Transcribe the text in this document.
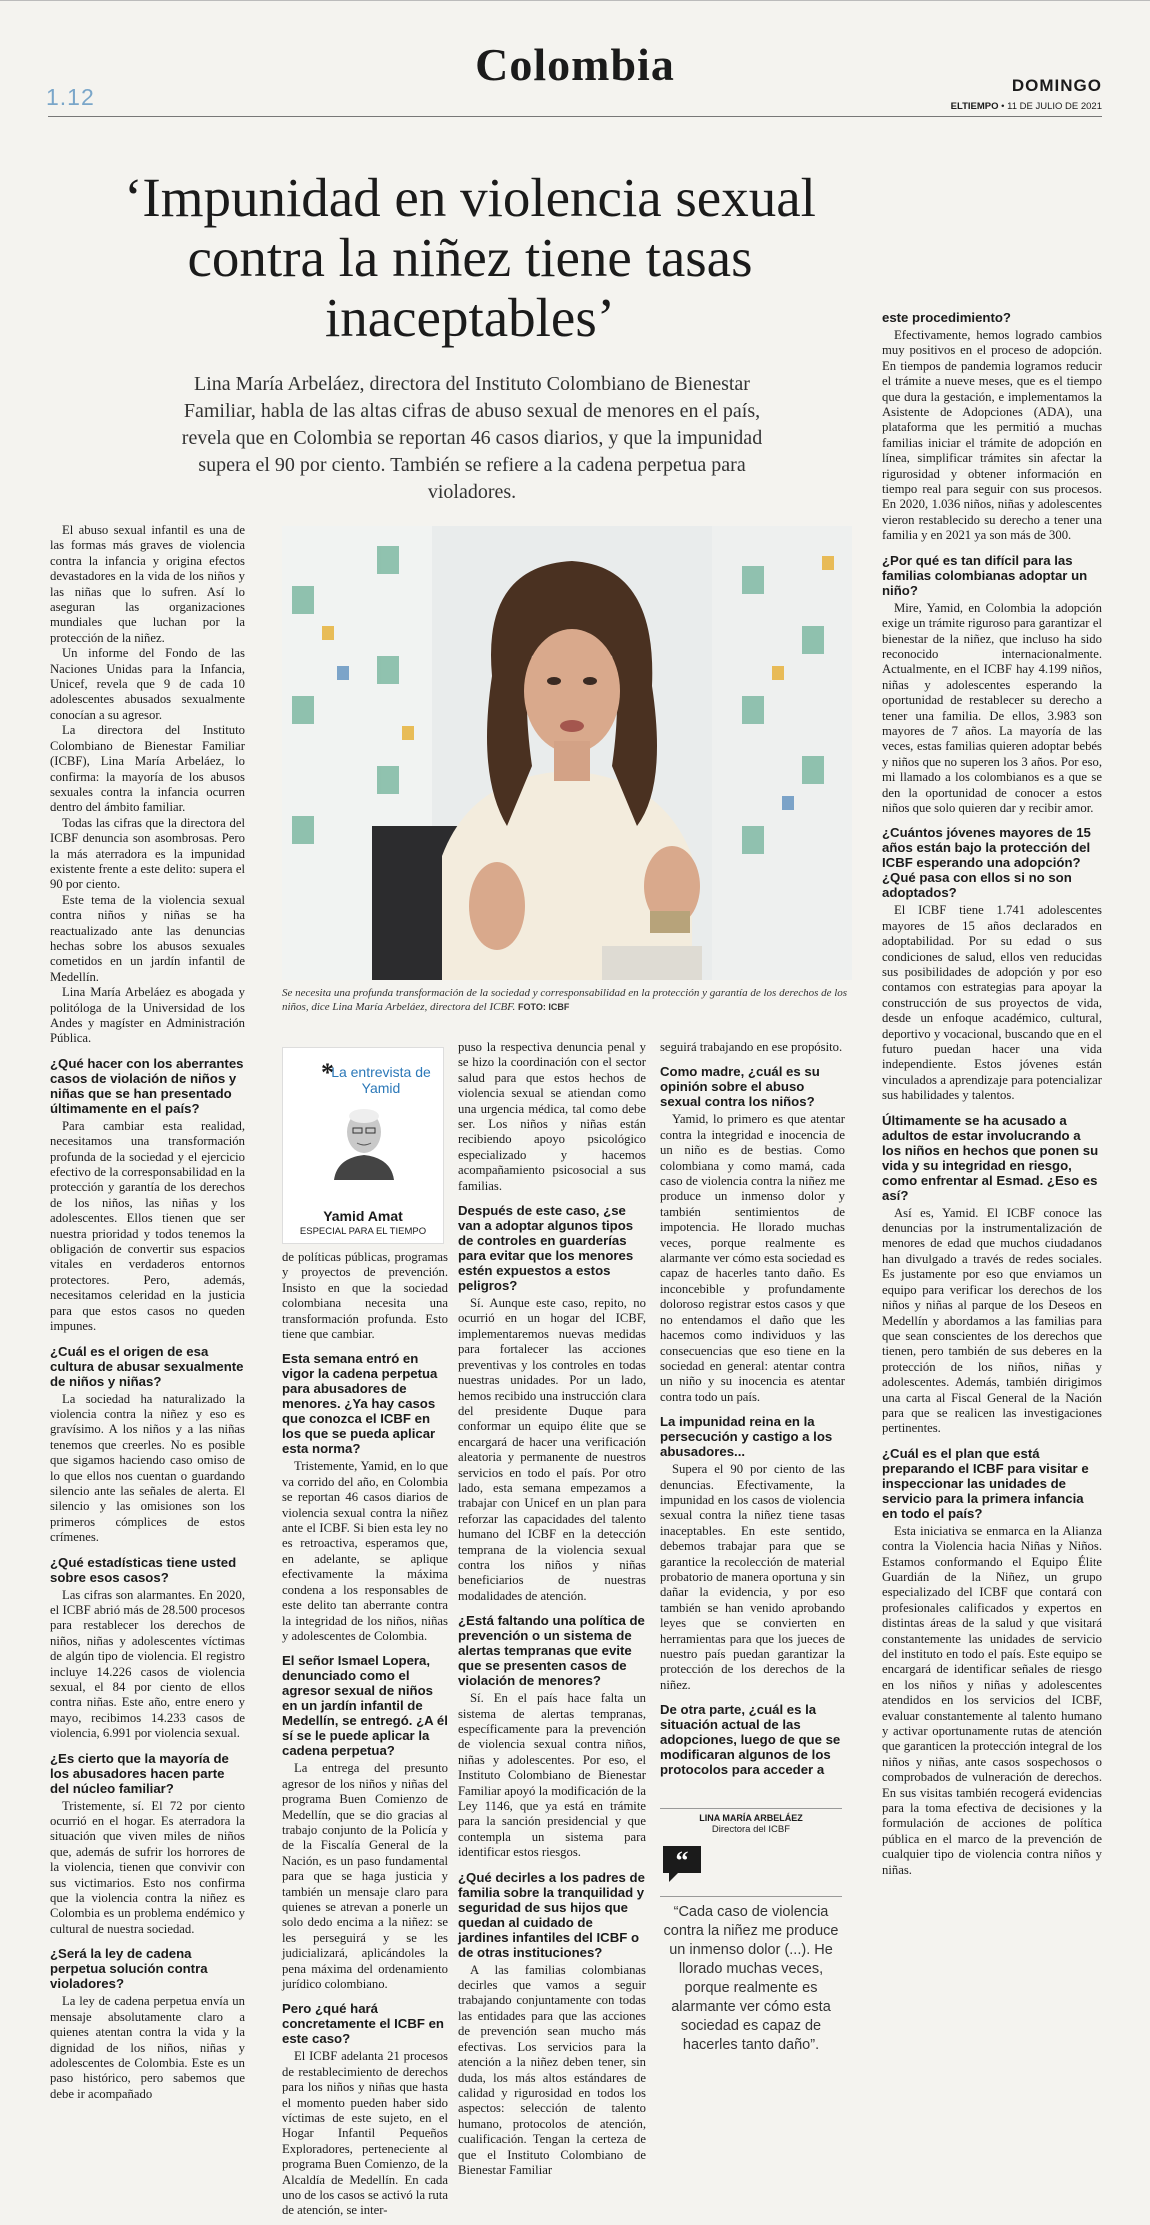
1.12
Colombia	DOMINGO
ELTIEMPO • 11 DE JULIO DE 2021
‘Impunidad en violencia sexual contra la niñez tiene tasas inaceptables’
Lina María Arbeláez, directora del Instituto Colombiano de Bienestar Familiar, habla de las altas cifras de abuso sexual de menores en el país, revela que en Colombia se reportan 46 casos diarios, y que la impunidad supera el 90 por ciento. También se refiere a la cadena perpetua para violadores.
Se necesita una profunda transformación de la sociedad y corresponsabilidad en la protección y garantía de los derechos de los niños, dice Lina María Arbeláez, directora del ICBF. FOTO: ICBF

El abuso sexual infantil es una de las formas más graves de violencia contra la infancia y origina efectos devastadores en la vida de los niños y las niñas que lo sufren. Así lo aseguran las organizaciones mundiales que luchan por la protección de la niñez.

Un informe del Fondo de las Naciones Unidas para la Infancia, Unicef, revela que 9 de cada 10 adolescentes abusados sexualmente conocían a su agresor.

La directora del Instituto Colombiano de Bienestar Familiar (ICBF), Lina María Arbeláez, lo confirma: la mayoría de los abusos sexuales contra la infancia ocurren dentro del ámbito familiar.

Todas las cifras que la directora del ICBF denuncia son asombrosas. Pero la más aterradora es la impunidad existente frente a este delito: supera el 90 por ciento.

Este tema de la violencia sexual contra niños y niñas se ha reactualizado ante las denuncias hechas sobre los abusos sexuales cometidos en un jardín infantil de Medellín.

Lina María Arbeláez es abogada y politóloga de la Universidad de los Andes y magíster en Administración Pública.

¿Qué hacer con los aberrantes casos de violación de niños y niñas que se han presentado últimamente en el país?

Para cambiar esta realidad, necesitamos una transformación profunda de la sociedad y el ejercicio efectivo de la corresponsabilidad en la protección y garantía de los derechos de los niños, las niñas y los adolescentes. Ellos tienen que ser nuestra prioridad y todos tenemos la obligación de convertir sus espacios vitales en verdaderos entornos protectores. Pero, además, necesitamos celeridad en la justicia para que estos casos no queden impunes.

¿Cuál es el origen de esa cultura de abusar sexualmente de niños y niñas?

La sociedad ha naturalizado la violencia contra la niñez y eso es gravísimo. A los niños y a las niñas tenemos que creerles. No es posible que sigamos haciendo caso omiso de lo que ellos nos cuentan o guardando silencio ante las señales de alerta. El silencio y las omisiones son los primeros cómplices de estos crímenes.

¿Qué estadísticas tiene usted sobre esos casos?

Las cifras son alarmantes. En 2020, el ICBF abrió más de 28.500 procesos para restablecer los derechos de niños, niñas y adolescentes víctimas de algún tipo de violencia. El registro incluye 14.226 casos de violencia sexual, el 84 por ciento de ellos contra niñas. Este año, entre enero y mayo, recibimos 14.233 casos de violencia, 6.991 por violencia sexual.

¿Es cierto que la mayoría de los abusadores hacen parte del núcleo familiar?

Tristemente, sí. El 72 por ciento ocurrió en el hogar. Es aterradora la situación que viven miles de niños que, además de sufrir los horrores de la violencia, tienen que convivir con sus victimarios. Esto nos confirma que la violencia contra la niñez es Colombia es un problema endémico y cultural de nuestra sociedad.

¿Será la ley de cadena perpetua solución contra violadores?

La ley de cadena perpetua envía un mensaje absolutamente claro a quienes atentan contra la vida y la dignidad de los niños, niñas y adolescentes de Colombia. Este es un paso histórico, pero sabemos que debe ir acompañado

*
La entrevista de Yamid
Yamid Amat
ESPECIAL PARA EL TIEMPO

de políticas públicas, programas y proyectos de prevención. Insisto en que la sociedad colombiana necesita una transformación profunda. Esto tiene que cambiar.

Esta semana entró en vigor la cadena perpetua para abusadores de menores. ¿Ya hay casos que conozca el ICBF en los que se pueda aplicar esta norma?

Tristemente, Yamid, en lo que va corrido del año, en Colombia se reportan 46 casos diarios de violencia sexual contra la niñez ante el ICBF. Si bien esta ley no es retroactiva, esperamos que, en adelante, se aplique efectivamente la máxima condena a los responsables de este delito tan aberrante contra la integridad de los niños, niñas y adolescentes de Colombia.

El señor Ismael Lopera, denunciado como el agresor sexual de niños en un jardín infantil de Medellín, se entregó. ¿A él sí se le puede aplicar la cadena perpetua?

La entrega del presunto agresor de los niños y niñas del programa Buen Comienzo de Medellín, que se dio gracias al trabajo conjunto de la Policía y de la Fiscalía General de la Nación, es un paso fundamental para que se haga justicia y también un mensaje claro para quienes se atrevan a ponerle un solo dedo encima a la niñez: se les perseguirá y se les judicializará, aplicándoles la pena máxima del ordenamiento jurídico colombiano.

Pero ¿qué hará concretamente el ICBF en este caso?

El ICBF adelanta 21 procesos de restablecimiento de derechos para los niños y niñas que hasta el momento pueden haber sido víctimas de este sujeto, en el Hogar Infantil Pequeños Exploradores, perteneciente al programa Buen Comienzo, de la Alcaldía de Medellín. En cada uno de los casos se activó la ruta de atención, se inter-

puso la respectiva denuncia penal y se hizo la coordinación con el sector salud para que estos hechos de violencia sexual se atiendan como una urgencia médica, tal como debe ser. Los niños y niñas están recibiendo apoyo psicológico especializado y hacemos acompañamiento psicosocial a sus familias.

Después de este caso, ¿se van a adoptar algunos tipos de controles en guarderías para evitar que los menores estén expuestos a estos peligros?

Sí. Aunque este caso, repito, no ocurrió en un hogar del ICBF, implementaremos nuevas medidas para fortalecer las acciones preventivas y los controles en todas nuestras unidades. Por un lado, hemos recibido una instrucción clara del presidente Duque para conformar un equipo élite que se encargará de hacer una verificación aleatoria y permanente de nuestros servicios en todo el país. Por otro lado, esta semana empezamos a trabajar con Unicef en un plan para reforzar las capacidades del talento humano del ICBF en la detección temprana de la violencia sexual contra los niños y niñas beneficiarios de nuestras modalidades de atención.

¿Está faltando una política de prevención o un sistema de alertas tempranas que evite que se presenten casos de violación de menores?

Sí. En el país hace falta un sistema de alertas tempranas, específicamente para la prevención de violencia sexual contra niños, niñas y adolescentes. Por eso, el Instituto Colombiano de Bienestar Familiar apoyó la modificación de la Ley 1146, que ya está en trámite para la sanción presidencial y que contempla un sistema para identificar estos riesgos.

¿Qué decirles a los padres de familia sobre la tranquilidad y seguridad de sus hijos que quedan al cuidado de jardines infantiles del ICBF o de otras instituciones?

A las familias colombianas decirles que vamos a seguir trabajando conjuntamente con todas las entidades para que las acciones de prevención sean mucho más efectivas. Los servicios para la atención a la niñez deben tener, sin duda, los más altos estándares de calidad y rigurosidad en todos los aspectos: selección de talento humano, protocolos de atención, cualificación. Tengan la certeza de que el Instituto Colombiano de Bienestar Familiar

seguirá trabajando en ese propósito.

Como madre, ¿cuál es su opinión sobre el abuso sexual contra los niños?

Yamid, lo primero es que atentar contra la integridad e inocencia de un niño es de bestias. Como colombiana y como mamá, cada caso de violencia contra la niñez me produce un inmenso dolor y también sentimientos de impotencia. He llorado muchas veces, porque realmente es alarmante ver cómo esta sociedad es capaz de hacerles tanto daño. Es inconcebible y profundamente doloroso registrar estos casos y que no entendamos el daño que les hacemos como individuos y las consecuencias que eso tiene en la sociedad en general: atentar contra un niño y su inocencia es atentar contra todo un país.

La impunidad reina en la persecución y castigo a los abusadores...

Supera el 90 por ciento de las denuncias. Efectivamente, la impunidad en los casos de violencia sexual contra la niñez tiene tasas inaceptables. En este sentido, debemos trabajar para que se garantice la recolección de material probatorio de manera oportuna y sin dañar la evidencia, y por eso también se han venido aprobando leyes que se convierten en herramientas para que los jueces de nuestro país puedan garantizar la protección de los derechos de la niñez.

De otra parte, ¿cuál es la situación actual de las adopciones, luego de que se modificaran algunos de los protocolos para acceder a
LINA MARÍA ARBELÁEZ
Directora del ICBF
“
“Cada caso de violencia contra la niñez me produce un inmenso dolor (...). He llorado muchas veces, porque realmente es alarmante ver cómo esta sociedad es capaz de hacerles tanto daño”.
este procedimiento?

Efectivamente, hemos logrado cambios muy positivos en el proceso de adopción. En tiempos de pandemia logramos reducir el trámite a nueve meses, que es el tiempo que dura la gestación, e implementamos la Asistente de Adopciones (ADA), una plataforma que les permitió a muchas familias iniciar el trámite de adopción en línea, simplificar trámites sin afectar la rigurosidad y obtener información en tiempo real para seguir con sus procesos. En 2020, 1.036 niños, niñas y adolescentes vieron restablecido su derecho a tener una familia y en 2021 ya son más de 300.

¿Por qué es tan difícil para las familias colombianas adoptar un niño?

Mire, Yamid, en Colombia la adopción exige un trámite riguroso para garantizar el bienestar de la niñez, que incluso ha sido reconocido internacionalmente. Actualmente, en el ICBF hay 4.199 niños, niñas y adolescentes esperando la oportunidad de restablecer su derecho a tener una familia. De ellos, 3.983 son mayores de 7 años. La mayoría de las veces, estas familias quieren adoptar bebés y niños que no superen los 3 años. Por eso, mi llamado a los colombianos es a que se den la oportunidad de conocer a estos niños que solo quieren dar y recibir amor.

¿Cuántos jóvenes mayores de 15 años están bajo la protección del ICBF esperando una adopción? ¿Qué pasa con ellos si no son adoptados?

El ICBF tiene 1.741 adolescentes mayores de 15 años declarados en adoptabilidad. Por su edad o sus condiciones de salud, ellos ven reducidas sus posibilidades de adopción y por eso contamos con estrategias para apoyar la construcción de sus proyectos de vida, desde un enfoque académico, cultural, deportivo y vocacional, buscando que en el futuro puedan hacer una vida independiente. Estos jóvenes están vinculados a aprendizaje para potencializar sus habilidades y talentos.

Últimamente se ha acusado a adultos de estar involucrando a los niños en hechos que ponen su vida y su integridad en riesgo, como enfrentar al Esmad. ¿Eso es así?

Así es, Yamid. El ICBF conoce las denuncias por la instrumentalización de menores de edad que muchos ciudadanos han divulgado a través de redes sociales. Es justamente por eso que enviamos un equipo para verificar los derechos de los niños y niñas al parque de los Deseos en Medellín y abordamos a las familias para que sean conscientes de los derechos que tienen, pero también de sus deberes en la protección de los niños, niñas y adolescentes. Además, también dirigimos una carta al Fiscal General de la Nación para que se realicen las investigaciones pertinentes.

¿Cuál es el plan que está preparando el ICBF para visitar e inspeccionar las unidades de servicio para la primera infancia en todo el país?

Esta iniciativa se enmarca en la Alianza contra la Violencia hacia Niñas y Niños. Estamos conformando el Equipo Élite Guardián de la Niñez, un grupo especializado del ICBF que contará con profesionales calificados y expertos en distintas áreas de la salud y que visitará constantemente las unidades de servicio del instituto en todo el país. Este equipo se encargará de identificar señales de riesgo en los niños y niñas y adolescentes atendidos en los servicios del ICBF, evaluar constantemente al talento humano y activar oportunamente rutas de atención que garanticen la protección integral de los niños y niñas, ante casos sospechosos o comprobados de vulneración de derechos. En sus visitas también recogerá evidencias para la toma efectiva de decisiones y la formulación de acciones de política pública en el marco de la prevención de cualquier tipo de violencia contra niños y niñas.
